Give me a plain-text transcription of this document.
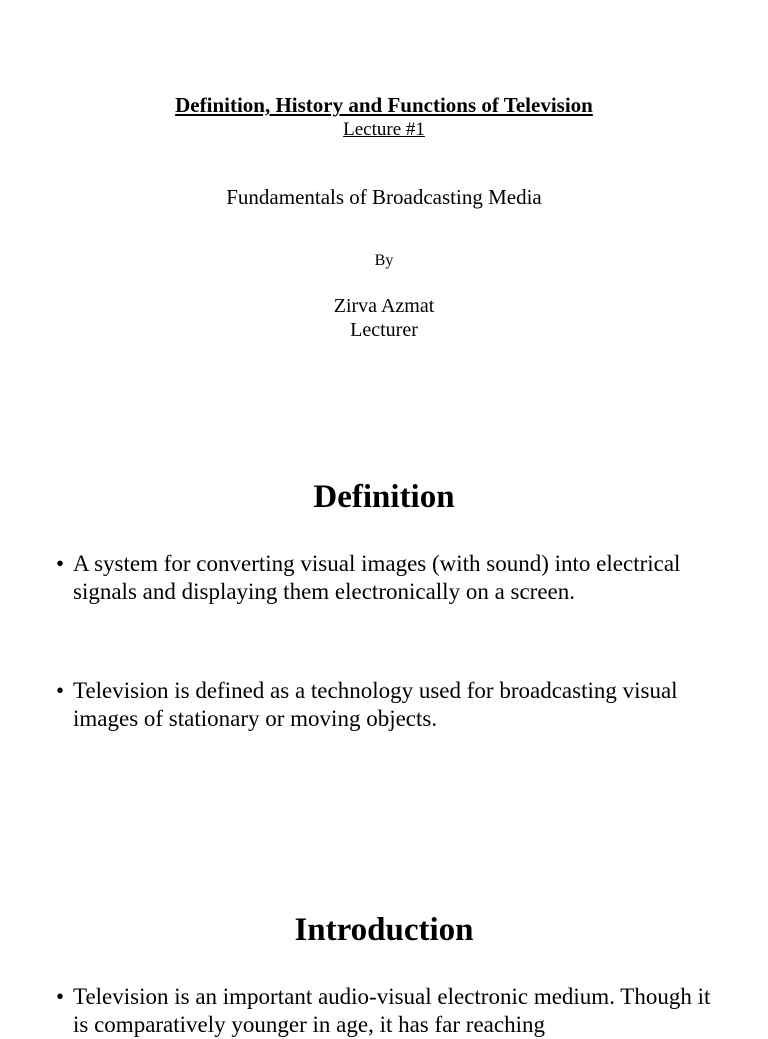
Definition, History and Functions of Television
Lecture #1
Fundamentals of Broadcasting Media
By
Zirva Azmat
Lecturer
Definition
• A system for converting visual images (with sound) into electrical signals and displaying them electronically on a screen.
• Television is defined as a technology used for broadcasting visual images of stationary or moving objects.
Introduction
• Television is an important audio-visual electronic medium. Though it is comparatively younger in age, it has far reaching
